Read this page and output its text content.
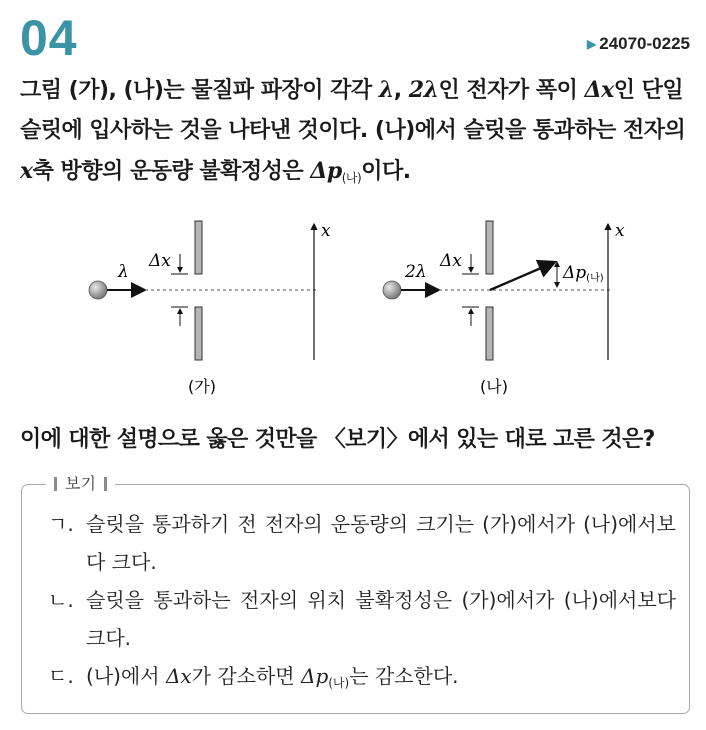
04	▶ 24070-0225
그림 (가), (나)는 물질파 파장이 각각 λ, 2λ인 전자가 폭이 Δx인 단일 슬릿에 입사하는 것을 나타낸 것이다. (나)에서 슬릿을 통과하는 전자의 x축 방향의 운동량 불확정성은 $\Delta p_{(나)}$이다.
λ
Δx
x
(가)
2λ
Δx
Δp(나)
x
(나)
이에 대한 설명으로 옳은 것만을 〈보기〉에서 있는 대로 고른 것은?
보기
ㄱ. 슬릿을 통과하기 전 전자의 운동량의 크기는 (가)에서가 (나)에서보다 크다.
ㄴ. 슬릿을 통과하는 전자의 위치 불확정성은 (가)에서가 (나)에서보다 크다.
ㄷ. (나)에서 Δx가 감소하면 $\Delta p_{(나)}$는 감소한다.
